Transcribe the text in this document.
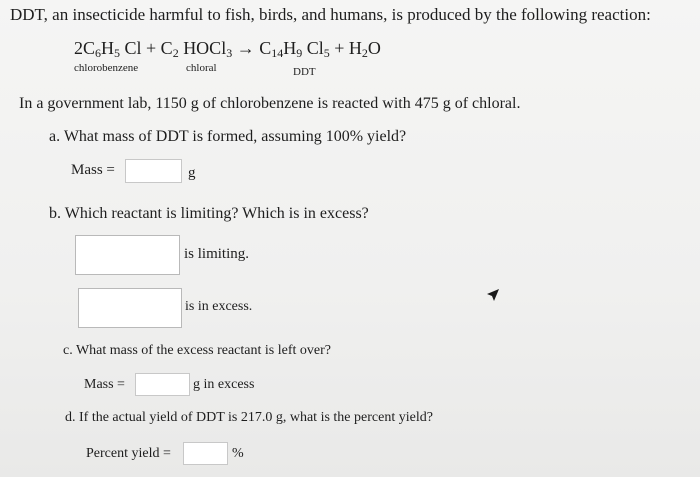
DDT, an insecticide harmful to fish, birds, and humans, is produced by the following reaction:
$2C_6H_5$ $Cl + C_2$ HOCl$_3$ → $C_{14}H_9$ $Cl_5 + H_2O$
chlorobenzene	chloral	DDT
In a government lab, 1150 g of chlorobenzene is reacted with 475 g of chloral.
a. What mass of DDT is formed, assuming 100% yield?
Mass =	g
b. Which reactant is limiting? Which is in excess?
is limiting.
is in excess.
c. What mass of the excess reactant is left over?
Mass =	g in excess
d. If the actual yield of DDT is 217.0 g, what is the percent yield?
Percent yield =	%
